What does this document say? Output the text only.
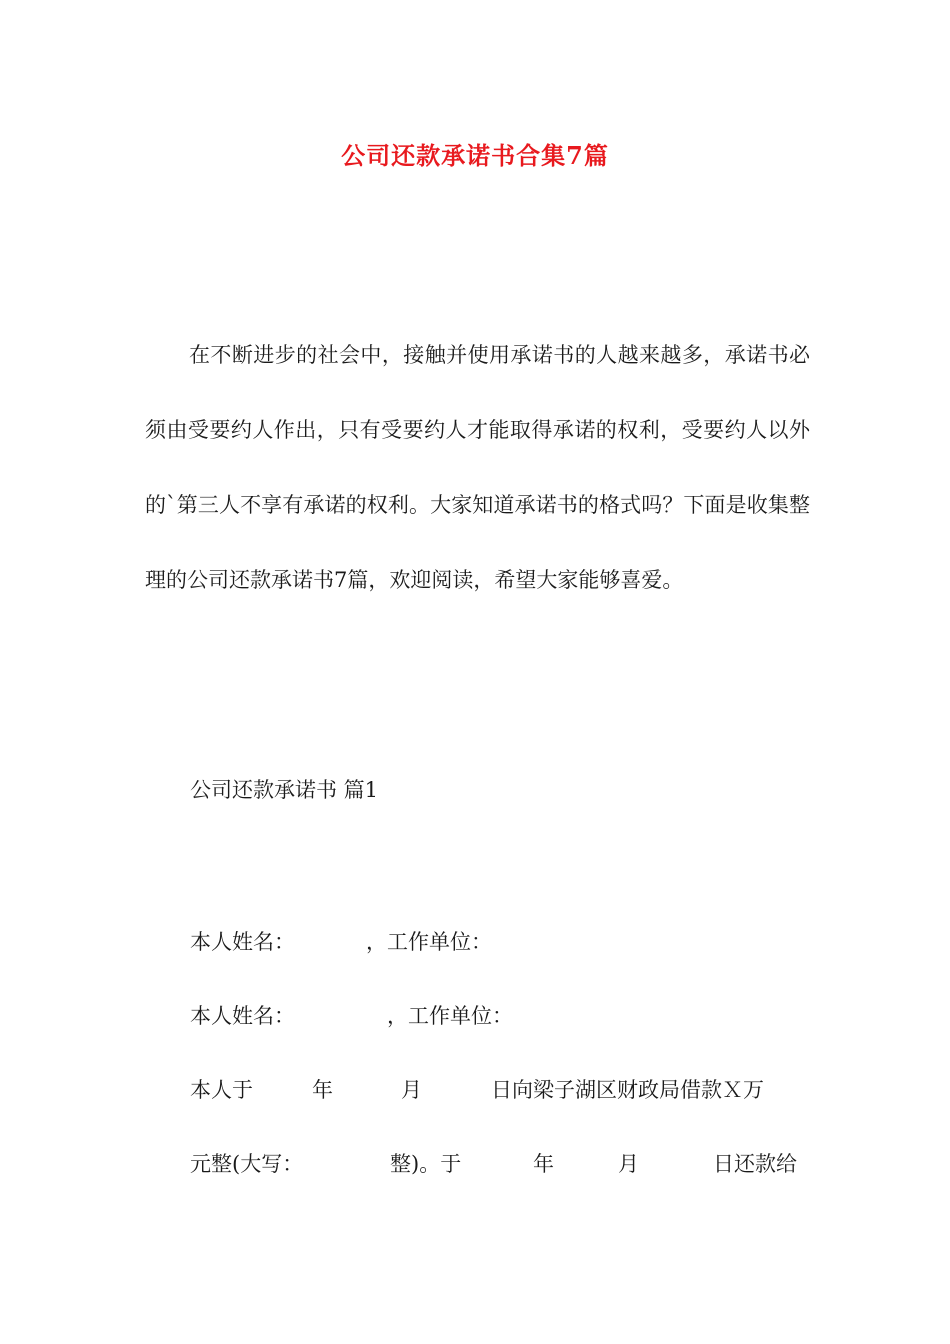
公司还款承诺书合集7篇

在不断进步的社会中，接触并使用承诺书的人越来越多，承诺书必须由受要约人作出，只有受要约人才能取得承诺的权利，受要约人以外的`第三人不享有承诺的权利。大家知道承诺书的格式吗？下面是收集整理的公司还款承诺书7篇，欢迎阅读，希望大家能够喜爱。

公司还款承诺书 篇1
本人姓名：	，工作单位：
本人姓名：	，工作单位：
本人于	年	月	日向梁子湖区财政局借款Ｘ万
元整(大写：	整)。于	年	月	日还款给
